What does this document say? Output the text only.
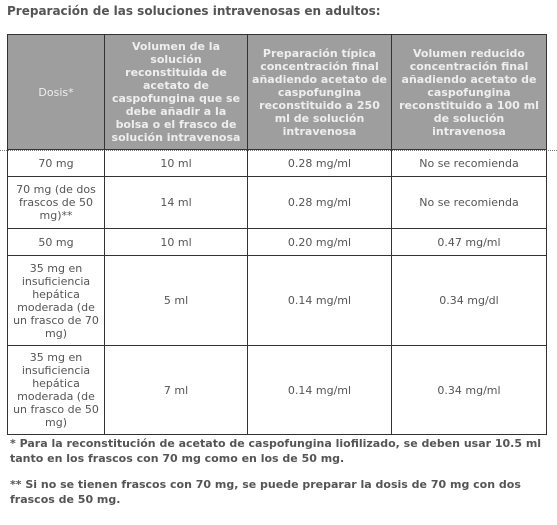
Preparación de las soluciones intravenosas en adultos:
Dosis*	Volumen de la solución reconstituida de acetato de caspofungina que se debe añadir a la bolsa o el frasco de solución intravenosa	Preparación típica concentración final añadiendo acetato de caspofungina reconstituido a 250 ml de solución intravenosa	Volumen reducido concentración final añadiendo acetato de caspofungina reconstituido a 100 ml de solución intravenosa
70 mg	10 ml	0.28 mg/ml	No se recomienda
70 mg (de dos frascos de 50 mg)**	14 ml	0.28 mg/ml	No se recomienda
50 mg	10 ml	0.20 mg/ml	0.47 mg/ml
35 mg en insuficiencia hepática moderada (de un frasco de 70 mg)	5 ml	0.14 mg/ml	0.34 mg/dl
35 mg en insuficiencia hepática moderada (de un frasco de 50 mg)	7 ml	0.14 mg/ml	0.34 mg/ml

* Para la reconstitución de acetato de caspofungina liofilizado, se deben usar 10.5 ml tanto en los frascos con 70 mg como en los de 50 mg.

** Si no se tienen frascos con 70 mg, se puede preparar la dosis de 70 mg con dos frascos de 50 mg.
